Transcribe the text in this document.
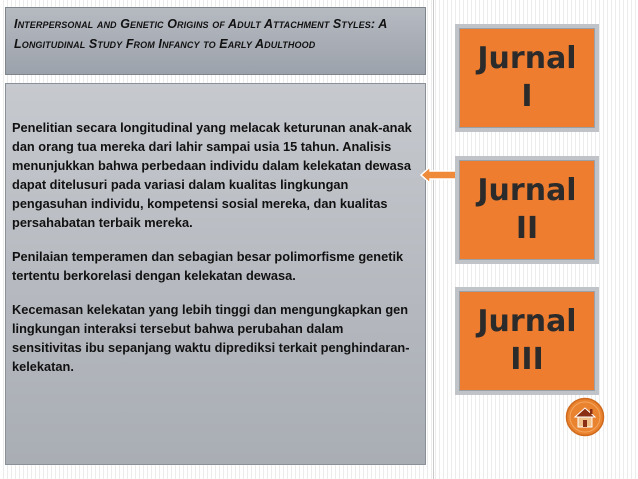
Interpersonal and Genetic Origins of Adult Attachment Styles: A Longitudinal Study From Infancy to Early Adulthood

Penelitian secara longitudinal yang melacak keturunan anak-anak dan orang tua mereka dari lahir sampai usia 15 tahun. Analisis menunjukkan bahwa perbedaan individu dalam kelekatan dewasa dapat ditelusuri pada variasi dalam kualitas lingkungan pengasuhan individu, kompetensi sosial mereka, dan kualitas persahabatan terbaik mereka.

Penilaian temperamen dan sebagian besar polimorfisme genetik tertentu berkorelasi dengan kelekatan dewasa.

Kecemasan kelekatan yang lebih tinggi dan mengungkapkan gen lingkungan interaksi tersebut bahwa perubahan dalam sensitivitas ibu sepanjang waktu diprediksi terkait penghindaran-kelekatan.

Jurnal
I
Jurnal
II
Jurnal
III
